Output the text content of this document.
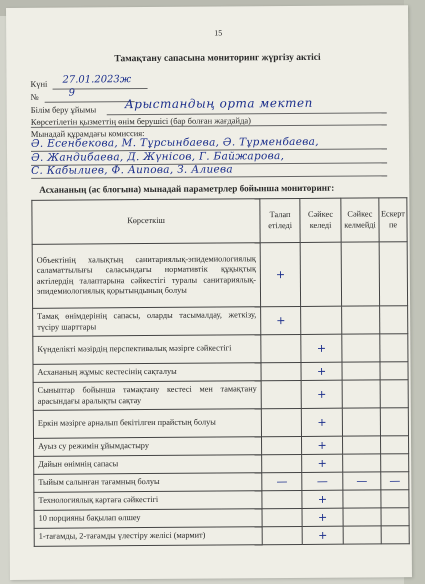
15
Тамақтану сапасына мониторинг жүргізу актісі
Күні 27.01.2023ж
№	9
Білім беру ұйымы Арыстандың орта мектеп
Көрсетілетін қызметтің өнім берушісі (бар болған жағдайда)
Мынадай құрамдағы комиссия:
Ә. Есенбекова, М. Тұрсынбаева, Ә. Тұрменбаева,
Ә. Жандибаева, Д. Жүнісов, Г. Байжарова,
С. Кабылиев, Ф. Аипова, З. Алиева
Асхананың (ас блогына) мынадай параметрлер бойынша мониторинг:
Көрсеткіш	Талап етіледі	Сәйкес келеді	Сәйкес келмейді	Ескерт пе
Объектінің халықтың санитариялық-эпидемиологиялық саламаттылығы саласындағы нормативтік құқықтық актілердің талаптарына сәйкестігі туралы санитариялық-эпидемиологиялық қорытындының болуы	+			
Тамақ өнімдерінің сапасы, оларды тасымалдау, жеткізу, түсіру шарттары	+			
Күнделікті мәзірдің перспективалық мәзірге сәйкестігі		+		
Асхананың жұмыс кестесінің сақталуы		+		
Сыныптар бойынша тамақтану кестесі мен тамақтану арасындағы аралықты сақтау		+		
Еркін мәзірге арналып бекітілген прайстың болуы		+		
Ауыз су режимін ұйымдастыру		+		
Дайын өнімнің сапасы		+		
Тыйым салынған тағамның болуы	—	—	—	—
Технологиялық картаға сәйкестігі		+		
10 порцияны бақылап өлшеу		+		
1-тағамды, 2-тағамды үлестіру желісі (мармит)		+		
